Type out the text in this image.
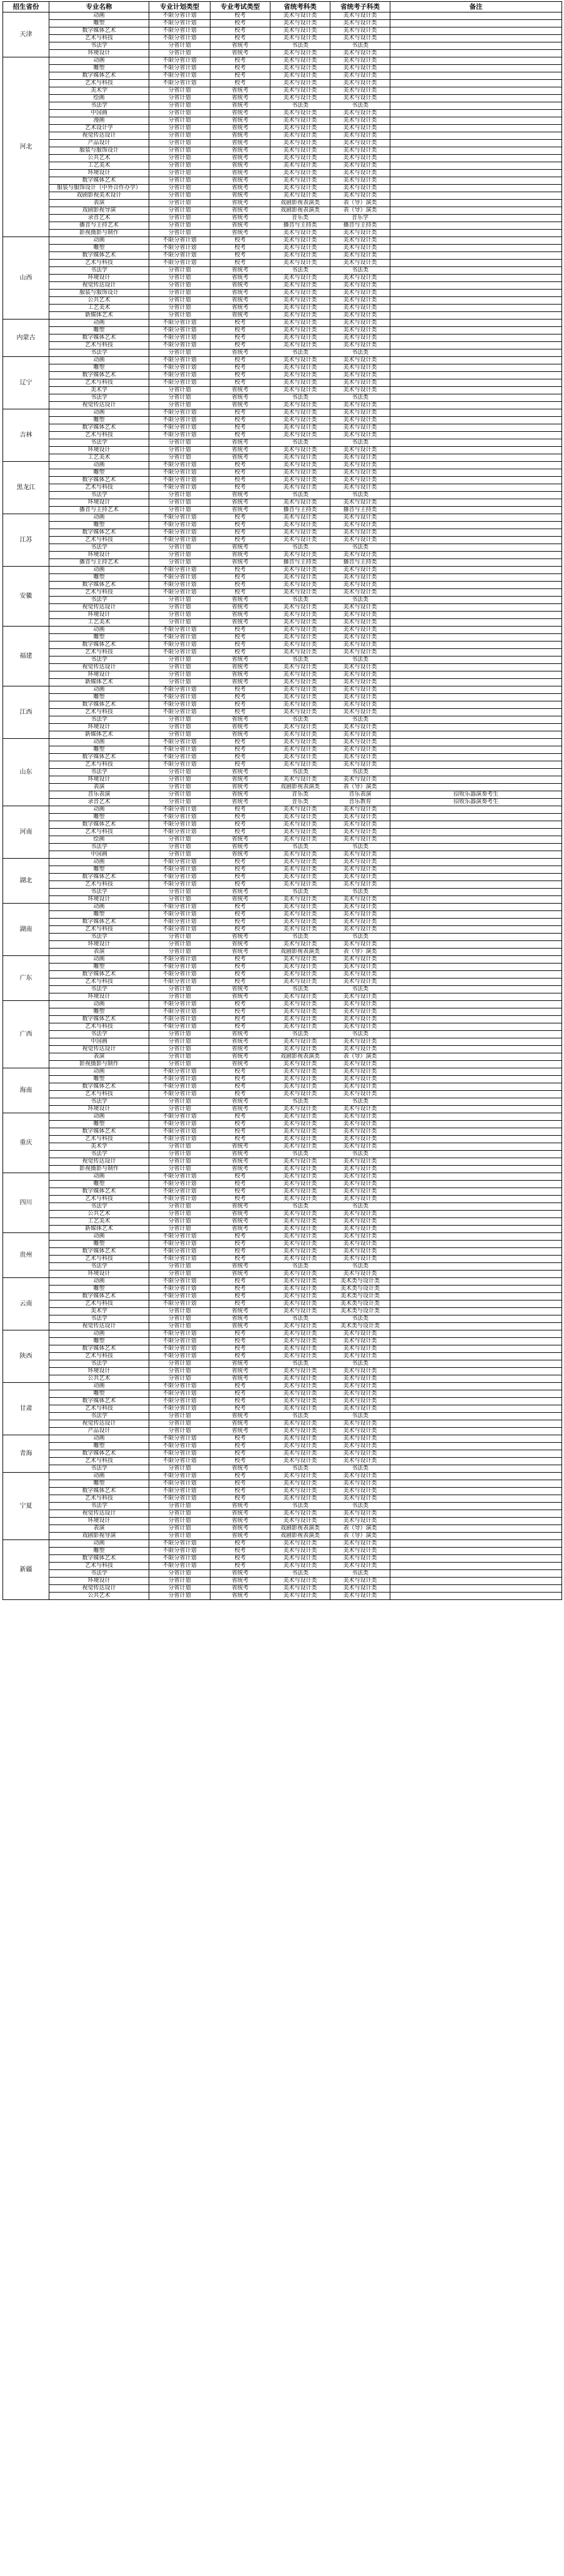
招生省份	专业名称	专业计划类型	专业考试类型	省统考科类	省统考子科类	备注
天津	动画	不限分省计划	校考	美术与设计类	美术与设计类	
	雕塑	不限分省计划	校考	美术与设计类	美术与设计类	
	数字媒体艺术	不限分省计划	校考	美术与设计类	美术与设计类	
	艺术与科技	不限分省计划	校考	美术与设计类	美术与设计类	
	书法学	分省计划	省统考	书法类	书法类	
	环境设计	分省计划	省统考	美术与设计类	美术与设计类	
河北	动画	不限分省计划	校考	美术与设计类	美术与设计类	
	雕塑	不限分省计划	校考	美术与设计类	美术与设计类	
	数字媒体艺术	不限分省计划	校考	美术与设计类	美术与设计类	
	艺术与科技	不限分省计划	校考	美术与设计类	美术与设计类	
	美术学	分省计划	省统考	美术与设计类	美术与设计类	
	绘画	分省计划	省统考	美术与设计类	美术与设计类	
	书法学	分省计划	省统考	书法类	书法类	
	中国画	分省计划	省统考	美术与设计类	美术与设计类	
	漫画	分省计划	省统考	美术与设计类	美术与设计类	
	艺术设计学	分省计划	省统考	美术与设计类	美术与设计类	
	视觉传达设计	分省计划	省统考	美术与设计类	美术与设计类	
	产品设计	分省计划	省统考	美术与设计类	美术与设计类	
	服装与服饰设计	分省计划	省统考	美术与设计类	美术与设计类	
	公共艺术	分省计划	省统考	美术与设计类	美术与设计类	
	工艺美术	分省计划	省统考	美术与设计类	美术与设计类	
	环境设计	分省计划	省统考	美术与设计类	美术与设计类	
	数字媒体艺术	分省计划	省统考	美术与设计类	美术与设计类	
	服装与服饰设计（中外合作办学）	分省计划	省统考	美术与设计类	美术与设计类	
	戏剧影视美术设计	分省计划	省统考	美术与设计类	美术与设计类	
	表演	分省计划	省统考	戏剧影视表演类	表（导）演类	
	戏剧影视导演	分省计划	省统考	戏剧影视表演类	表（导）演类	
	录音艺术	分省计划	省统考	音乐类	音乐学	
	播音与主持艺术	分省计划	省统考	播音与主持类	播音与主持类	
	影视摄影与制作	分省计划	省统考	美术与设计类	美术与设计类	
山西	动画	不限分省计划	校考	美术与设计类	美术与设计类	
	雕塑	不限分省计划	校考	美术与设计类	美术与设计类	
	数字媒体艺术	不限分省计划	校考	美术与设计类	美术与设计类	
	艺术与科技	不限分省计划	校考	美术与设计类	美术与设计类	
	书法学	分省计划	省统考	书法类	书法类	
	环境设计	分省计划	省统考	美术与设计类	美术与设计类	
	视觉传达设计	分省计划	省统考	美术与设计类	美术与设计类	
	服装与服饰设计	分省计划	省统考	美术与设计类	美术与设计类	
	公共艺术	分省计划	省统考	美术与设计类	美术与设计类	
	工艺美术	分省计划	省统考	美术与设计类	美术与设计类	
	新媒体艺术	分省计划	省统考	美术与设计类	美术与设计类	
内蒙古	动画	不限分省计划	校考	美术与设计类	美术与设计类	
	雕塑	不限分省计划	校考	美术与设计类	美术与设计类	
	数字媒体艺术	不限分省计划	校考	美术与设计类	美术与设计类	
	艺术与科技	不限分省计划	校考	美术与设计类	美术与设计类	
	书法学	分省计划	省统考	书法类	书法类	
辽宁	动画	不限分省计划	校考	美术与设计类	美术与设计类	
	雕塑	不限分省计划	校考	美术与设计类	美术与设计类	
	数字媒体艺术	不限分省计划	校考	美术与设计类	美术与设计类	
	艺术与科技	不限分省计划	校考	美术与设计类	美术与设计类	
	美术学	分省计划	省统考	美术与设计类	美术与设计类	
	书法学	分省计划	省统考	书法类	书法类	
	视觉传达设计	分省计划	省统考	美术与设计类	美术与设计类	
吉林	动画	不限分省计划	校考	美术与设计类	美术与设计类	
	雕塑	不限分省计划	校考	美术与设计类	美术与设计类	
	数字媒体艺术	不限分省计划	校考	美术与设计类	美术与设计类	
	艺术与科技	不限分省计划	校考	美术与设计类	美术与设计类	
	书法学	分省计划	省统考	书法类	书法类	
	环境设计	分省计划	省统考	美术与设计类	美术与设计类	
	工艺美术	分省计划	省统考	美术与设计类	美术与设计类	
黑龙江	动画	不限分省计划	校考	美术与设计类	美术与设计类	
	雕塑	不限分省计划	校考	美术与设计类	美术与设计类	
	数字媒体艺术	不限分省计划	校考	美术与设计类	美术与设计类	
	艺术与科技	不限分省计划	校考	美术与设计类	美术与设计类	
	书法学	分省计划	省统考	书法类	书法类	
	环境设计	分省计划	省统考	美术与设计类	美术与设计类	
	播音与主持艺术	分省计划	省统考	播音与主持类	播音与主持类	
江苏	动画	不限分省计划	校考	美术与设计类	美术与设计类	
	雕塑	不限分省计划	校考	美术与设计类	美术与设计类	
	数字媒体艺术	不限分省计划	校考	美术与设计类	美术与设计类	
	艺术与科技	不限分省计划	校考	美术与设计类	美术与设计类	
	书法学	分省计划	省统考	书法类	书法类	
	环境设计	分省计划	省统考	美术与设计类	美术与设计类	
	播音与主持艺术	分省计划	省统考	播音与主持类	播音与主持类	
安徽	动画	不限分省计划	校考	美术与设计类	美术与设计类	
	雕塑	不限分省计划	校考	美术与设计类	美术与设计类	
	数字媒体艺术	不限分省计划	校考	美术与设计类	美术与设计类	
	艺术与科技	不限分省计划	校考	美术与设计类	美术与设计类	
	书法学	分省计划	省统考	书法类	书法类	
	视觉传达设计	分省计划	省统考	美术与设计类	美术与设计类	
	环境设计	分省计划	省统考	美术与设计类	美术与设计类	
	工艺美术	分省计划	省统考	美术与设计类	美术与设计类	
福建	动画	不限分省计划	校考	美术与设计类	美术与设计类	
	雕塑	不限分省计划	校考	美术与设计类	美术与设计类	
	数字媒体艺术	不限分省计划	校考	美术与设计类	美术与设计类	
	艺术与科技	不限分省计划	校考	美术与设计类	美术与设计类	
	书法学	分省计划	省统考	书法类	书法类	
	视觉传达设计	分省计划	省统考	美术与设计类	美术与设计类	
	环境设计	分省计划	省统考	美术与设计类	美术与设计类	
	新媒体艺术	分省计划	省统考	美术与设计类	美术与设计类	
江西	动画	不限分省计划	校考	美术与设计类	美术与设计类	
	雕塑	不限分省计划	校考	美术与设计类	美术与设计类	
	数字媒体艺术	不限分省计划	校考	美术与设计类	美术与设计类	
	艺术与科技	不限分省计划	校考	美术与设计类	美术与设计类	
	书法学	分省计划	省统考	书法类	书法类	
	环境设计	分省计划	省统考	美术与设计类	美术与设计类	
	新媒体艺术	分省计划	省统考	美术与设计类	美术与设计类	
山东	动画	不限分省计划	校考	美术与设计类	美术与设计类	
	雕塑	不限分省计划	校考	美术与设计类	美术与设计类	
	数字媒体艺术	不限分省计划	校考	美术与设计类	美术与设计类	
	艺术与科技	不限分省计划	校考	美术与设计类	美术与设计类	
	书法学	分省计划	省统考	书法类	书法类	
	环境设计	分省计划	省统考	美术与设计类	美术与设计类	
	表演	分省计划	省统考	戏剧影视表演类	表（导）演类	
	音乐表演	分省计划	省统考	音乐类	音乐表演	招收乐器演奏考生
	录音艺术	分省计划	省统考	音乐类	音乐教育	招收乐器演奏考生
河南	动画	不限分省计划	校考	美术与设计类	美术与设计类	
	雕塑	不限分省计划	校考	美术与设计类	美术与设计类	
	数字媒体艺术	不限分省计划	校考	美术与设计类	美术与设计类	
	艺术与科技	不限分省计划	校考	美术与设计类	美术与设计类	
	绘画	分省计划	省统考	美术与设计类	美术与设计类	
	书法学	分省计划	省统考	书法类	书法类	
	中国画	分省计划	省统考	美术与设计类	美术与设计类	
湖北	动画	不限分省计划	校考	美术与设计类	美术与设计类	
	雕塑	不限分省计划	校考	美术与设计类	美术与设计类	
	数字媒体艺术	不限分省计划	校考	美术与设计类	美术与设计类	
	艺术与科技	不限分省计划	校考	美术与设计类	美术与设计类	
	书法学	分省计划	省统考	书法类	书法类	
	环境设计	分省计划	省统考	美术与设计类	美术与设计类	
湖南	动画	不限分省计划	校考	美术与设计类	美术与设计类	
	雕塑	不限分省计划	校考	美术与设计类	美术与设计类	
	数字媒体艺术	不限分省计划	校考	美术与设计类	美术与设计类	
	艺术与科技	不限分省计划	校考	美术与设计类	美术与设计类	
	书法学	分省计划	省统考	书法类	书法类	
	环境设计	分省计划	省统考	美术与设计类	美术与设计类	
	表演	分省计划	省统考	戏剧影视表演类	表（导）演类	
广东	动画	不限分省计划	校考	美术与设计类	美术与设计类	
	雕塑	不限分省计划	校考	美术与设计类	美术与设计类	
	数字媒体艺术	不限分省计划	校考	美术与设计类	美术与设计类	
	艺术与科技	不限分省计划	校考	美术与设计类	美术与设计类	
	书法学	分省计划	省统考	书法类	书法类	
	环境设计	分省计划	省统考	美术与设计类	美术与设计类	
广西	动画	不限分省计划	校考	美术与设计类	美术与设计类	
	雕塑	不限分省计划	校考	美术与设计类	美术与设计类	
	数字媒体艺术	不限分省计划	校考	美术与设计类	美术与设计类	
	艺术与科技	不限分省计划	校考	美术与设计类	美术与设计类	
	书法学	分省计划	省统考	书法类	书法类	
	中国画	分省计划	省统考	美术与设计类	美术与设计类	
	视觉传达设计	分省计划	省统考	美术与设计类	美术与设计类	
	表演	分省计划	省统考	戏剧影视表演类	表（导）演类	
	影视摄影与制作	分省计划	省统考	美术与设计类	美术与设计类	
海南	动画	不限分省计划	校考	美术与设计类	美术与设计类	
	雕塑	不限分省计划	校考	美术与设计类	美术与设计类	
	数字媒体艺术	不限分省计划	校考	美术与设计类	美术与设计类	
	艺术与科技	不限分省计划	校考	美术与设计类	美术与设计类	
	书法学	分省计划	省统考	书法类	书法类	
	环境设计	分省计划	省统考	美术与设计类	美术与设计类	
重庆	动画	不限分省计划	校考	美术与设计类	美术与设计类	
	雕塑	不限分省计划	校考	美术与设计类	美术与设计类	
	数字媒体艺术	不限分省计划	校考	美术与设计类	美术与设计类	
	艺术与科技	不限分省计划	校考	美术与设计类	美术与设计类	
	美术学	分省计划	省统考	美术与设计类	美术与设计类	
	书法学	分省计划	省统考	书法类	书法类	
	视觉传达设计	分省计划	省统考	美术与设计类	美术与设计类	
	影视摄影与制作	分省计划	省统考	美术与设计类	美术与设计类	
四川	动画	不限分省计划	校考	美术与设计类	美术与设计类	
	雕塑	不限分省计划	校考	美术与设计类	美术与设计类	
	数字媒体艺术	不限分省计划	校考	美术与设计类	美术与设计类	
	艺术与科技	不限分省计划	校考	美术与设计类	美术与设计类	
	书法学	分省计划	省统考	书法类	书法类	
	公共艺术	分省计划	省统考	美术与设计类	美术与设计类	
	工艺美术	分省计划	省统考	美术与设计类	美术与设计类	
	新媒体艺术	分省计划	省统考	美术与设计类	美术与设计类	
贵州	动画	不限分省计划	校考	美术与设计类	美术与设计类	
	雕塑	不限分省计划	校考	美术与设计类	美术与设计类	
	数字媒体艺术	不限分省计划	校考	美术与设计类	美术与设计类	
	艺术与科技	不限分省计划	校考	美术与设计类	美术与设计类	
	书法学	分省计划	省统考	书法类	书法类	
	环境设计	分省计划	省统考	美术与设计类	美术与设计类	
云南	动画	不限分省计划	校考	美术与设计类	美术类与设计类	
	雕塑	不限分省计划	校考	美术与设计类	美术类与设计类	
	数字媒体艺术	不限分省计划	校考	美术与设计类	美术类与设计类	
	艺术与科技	不限分省计划	校考	美术与设计类	美术类与设计类	
	美术学	分省计划	省统考	美术与设计类	美术类与设计类	
	书法学	分省计划	省统考	书法类	书法类	
	视觉传达设计	分省计划	省统考	美术与设计类	美术类与设计类	
陕西	动画	不限分省计划	校考	美术与设计类	美术与设计类	
	雕塑	不限分省计划	校考	美术与设计类	美术与设计类	
	数字媒体艺术	不限分省计划	校考	美术与设计类	美术与设计类	
	艺术与科技	不限分省计划	校考	美术与设计类	美术与设计类	
	书法学	分省计划	省统考	书法类	书法类	
	环境设计	分省计划	省统考	美术与设计类	美术与设计类	
	公共艺术	分省计划	省统考	美术与设计类	美术与设计类	
甘肃	动画	不限分省计划	校考	美术与设计类	美术与设计类	
	雕塑	不限分省计划	校考	美术与设计类	美术与设计类	
	数字媒体艺术	不限分省计划	校考	美术与设计类	美术与设计类	
	艺术与科技	不限分省计划	校考	美术与设计类	美术与设计类	
	书法学	分省计划	省统考	书法类	书法类	
	视觉传达设计	分省计划	省统考	美术与设计类	美术与设计类	
	产品设计	分省计划	省统考	美术与设计类	美术与设计类	
青海	动画	不限分省计划	校考	美术与设计类	美术与设计类	
	雕塑	不限分省计划	校考	美术与设计类	美术与设计类	
	数字媒体艺术	不限分省计划	校考	美术与设计类	美术与设计类	
	艺术与科技	不限分省计划	校考	美术与设计类	美术与设计类	
	书法学	分省计划	省统考	书法类	书法类	
宁夏	动画	不限分省计划	校考	美术与设计类	美术与设计类	
	雕塑	不限分省计划	校考	美术与设计类	美术与设计类	
	数字媒体艺术	不限分省计划	校考	美术与设计类	美术与设计类	
	艺术与科技	不限分省计划	校考	美术与设计类	美术与设计类	
	书法学	分省计划	省统考	书法类	书法类	
	视觉传达设计	分省计划	省统考	美术与设计类	美术与设计类	
	环境设计	分省计划	省统考	美术与设计类	美术与设计类	
	表演	分省计划	省统考	戏剧影视表演类	表（导）演类	
	戏剧影视导演	分省计划	省统考	戏剧影视表演类	表（导）演类	
新疆	动画	不限分省计划	校考	美术与设计类	美术与设计类	
	雕塑	不限分省计划	校考	美术与设计类	美术与设计类	
	数字媒体艺术	不限分省计划	校考	美术与设计类	美术与设计类	
	艺术与科技	不限分省计划	校考	美术与设计类	美术与设计类	
	书法学	分省计划	省统考	书法类	书法类	
	环境设计	分省计划	省统考	美术与设计类	美术与设计类	
	视觉传达设计	分省计划	省统考	美术与设计类	美术与设计类	
	公共艺术	分省计划	省统考	美术与设计类	美术与设计类	
